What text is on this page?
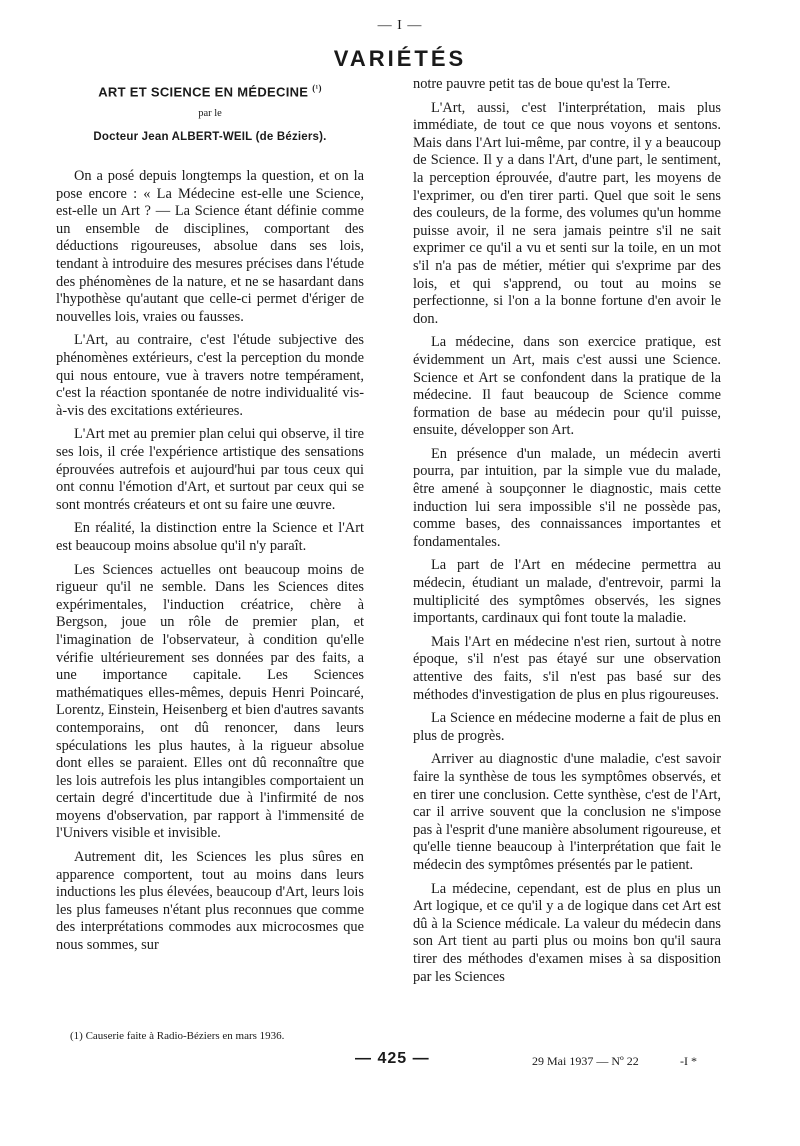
— I —
VARIÉTÉS
ART ET SCIENCE EN MÉDECINE $^{(^1)}$
par le
Docteur Jean ALBERT-WEIL (de Béziers).

On a posé depuis longtemps la question, et on la pose encore : « La Médecine est-elle une Science, est-elle un Art ? — La Science étant définie comme un ensemble de disciplines, comportant des déductions rigoureuses, absolue dans ses lois, tendant à introduire des mesures précises dans l'étude des phénomènes de la nature, et ne se hasardant dans l'hypothèse qu'autant que celle-ci permet d'ériger de nouvelles lois, vraies ou fausses.

L'Art, au contraire, c'est l'étude subjective des phénomènes extérieurs, c'est la perception du monde qui nous entoure, vue à travers notre tempérament, c'est la réaction spontanée de notre individualité vis-à-vis des excitations extérieures.

L'Art met au premier plan celui qui observe, il tire ses lois, il crée l'expérience artistique des sensations éprouvées autrefois et aujourd'hui par tous ceux qui ont connu l'émotion d'Art, et surtout par ceux qui se sont montrés créateurs et ont su faire une œuvre.

En réalité, la distinction entre la Science et l'Art est beaucoup moins absolue qu'il n'y paraît.

Les Sciences actuelles ont beaucoup moins de rigueur qu'il ne semble. Dans les Sciences dites expérimentales, l'induction créatrice, chère à Bergson, joue un rôle de premier plan, et l'imagination de l'observateur, à condition qu'elle vérifie ultérieurement ses données par des faits, a une importance capitale. Les Sciences mathématiques elles-mêmes, depuis Henri Poincaré, Lorentz, Einstein, Heisenberg et bien d'autres savants contemporains, ont dû renoncer, dans leurs spéculations les plus hautes, à la rigueur absolue dont elles se paraient. Elles ont dû reconnaître que les lois autrefois les plus intangibles comportaient un certain degré d'incertitude due à l'infirmité de nos moyens d'observation, par rapport à l'immensité de l'Univers visible et invisible.

Autrement dit, les Sciences les plus sûres en apparence comportent, tout au moins dans leurs inductions les plus élevées, beaucoup d'Art, leurs lois les plus fameuses n'étant plus reconnues que comme des interprétations commodes aux microcosmes que nous sommes, sur

notre pauvre petit tas de boue qu'est la Terre.

L'Art, aussi, c'est l'interprétation, mais plus immédiate, de tout ce que nous voyons et sentons. Mais dans l'Art lui-même, par contre, il y a beaucoup de Science. Il y a dans l'Art, d'une part, le sentiment, la perception éprouvée, d'autre part, les moyens de l'exprimer, ou d'en tirer parti. Quel que soit le sens des couleurs, de la forme, des volumes qu'un homme puisse avoir, il ne sera jamais peintre s'il ne sait exprimer ce qu'il a vu et senti sur la toile, en un mot s'il n'a pas de métier, métier qui s'exprime par des lois, et qui s'apprend, ou tout au moins se perfectionne, si l'on a la bonne fortune d'en avoir le don.

La médecine, dans son exercice pratique, est évidemment un Art, mais c'est aussi une Science. Science et Art se confondent dans la pratique de la médecine. Il faut beaucoup de Science comme formation de base au médecin pour qu'il puisse, ensuite, développer son Art.

En présence d'un malade, un médecin averti pourra, par intuition, par la simple vue du malade, être amené à soupçonner le diagnostic, mais cette induction lui sera impossible s'il ne possède pas, comme bases, des connaissances importantes et fondamentales.

La part de l'Art en médecine permettra au médecin, étudiant un malade, d'entrevoir, parmi la multiplicité des symptômes observés, les signes importants, cardinaux qui font toute la maladie.

Mais l'Art en médecine n'est rien, surtout à notre époque, s'il n'est pas étayé sur une observation attentive des faits, s'il n'est pas basé sur des méthodes d'investigation de plus en plus rigoureuses.

La Science en médecine moderne a fait de plus en plus de progrès.

Arriver au diagnostic d'une maladie, c'est savoir faire la synthèse de tous les symptômes observés, et en tirer une conclusion. Cette synthèse, c'est de l'Art, car il arrive souvent que la conclusion ne s'impose pas à l'esprit d'une manière absolument rigoureuse, et qu'elle tienne beaucoup à l'interprétation que fait le médecin des symptômes présentés par le patient.

La médecine, cependant, est de plus en plus un Art logique, et ce qu'il y a de logique dans cet Art est dû à la Science médicale. La valeur du médecin dans son Art tient au parti plus ou moins bon qu'il saura tirer des méthodes d'examen mises à sa disposition par les Sciences

(1) Causerie faite à Radio-Béziers en mars 1936.
— 425 —	29 Mai 1937 — Nº 22	-I *
